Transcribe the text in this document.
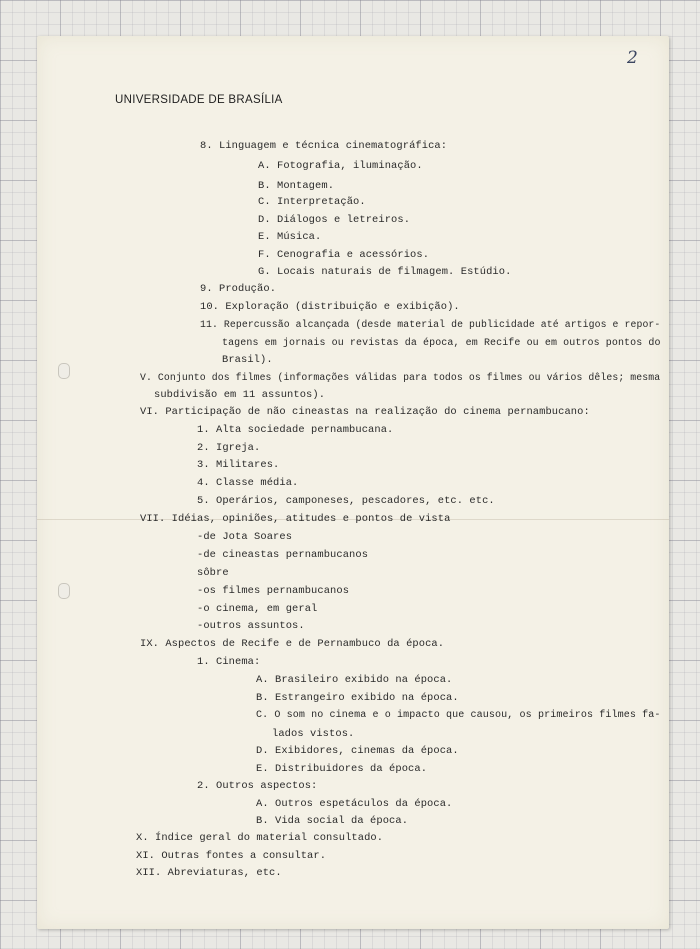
2
UNIVERSIDADE DE BRASÍLIA
8. Linguagem e técnica cinematográfica:
A. Fotografia, iluminação.
B. Montagem.
C. Interpretação.
D. Diálogos e letreiros.
E. Música.
F. Cenografia e acessórios.
G. Locais naturais de filmagem. Estúdio.
9. Produção.
10. Exploração (distribuição e exibição).
11. Repercussão alcançada (desde material de publicidade até artigos e repor-
tagens em jornais ou revistas da época, em Recife ou em outros pontos do
Brasil).
V. Conjunto dos filmes (informações válidas para todos os filmes ou vários dêles; mesma
subdivisão em 11 assuntos).
VI. Participação de não cineastas na realização do cinema pernambucano:
1. Alta sociedade pernambucana.
2. Igreja.
3. Militares.
4. Classe média.
5. Operários, camponeses, pescadores, etc. etc.
VII. Idéias, opiniões, atitudes e pontos de vista
-de Jota Soares
-de cineastas pernambucanos
sôbre
-os filmes pernambucanos
-o cinema, em geral
-outros assuntos.
IX. Aspectos de Recife e de Pernambuco da época.
1. Cinema:
A. Brasileiro exibido na época.
B. Estrangeiro exibido na época.
C. O som no cinema e o impacto que causou, os primeiros filmes fa-
lados vistos.
D. Exibidores, cinemas da época.
E. Distribuidores da época.
2. Outros aspectos:
A. Outros espetáculos da época.
B. Vida social da época.
X. Índice geral do material consultado.
XI. Outras fontes a consultar.
XII. Abreviaturas, etc.
